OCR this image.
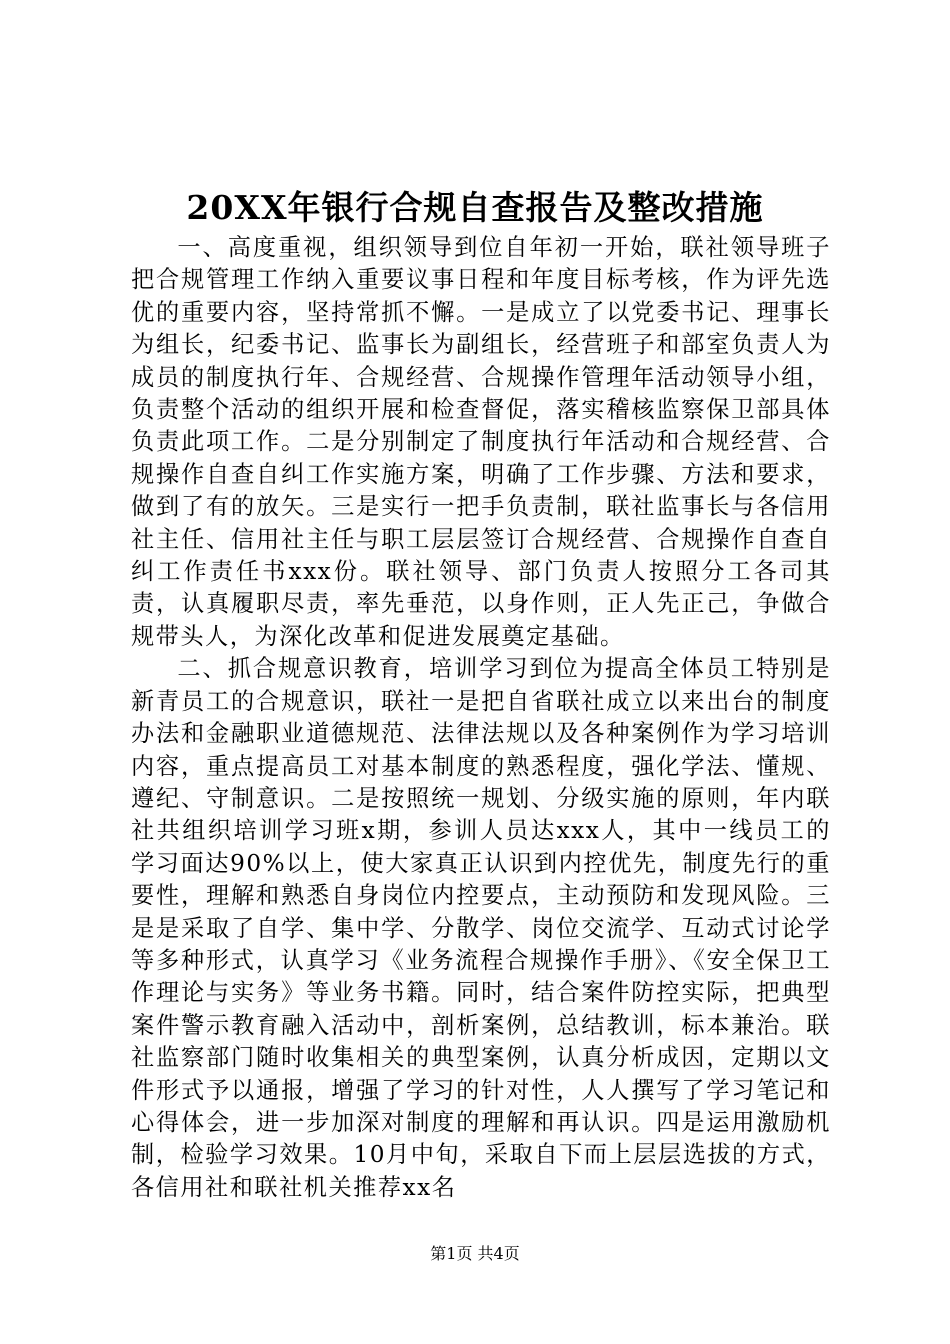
20XX年银行合规自查报告及整改措施

一、高度重视，组织领导到位自年初一开始，联社领导班子把合规管理工作纳入重要议事日程和年度目标考核，作为评先选优的重要内容，坚持常抓不懈。一是成立了以党委书记、理事长为组长，纪委书记、监事长为副组长，经营班子和部室负责人为成员的制度执行年、合规经营、合规操作管理年活动领导小组，负责整个活动的组织开展和检查督促，落实稽核监察保卫部具体负责此项工作。二是分别制定了制度执行年活动和合规经营、合规操作自查自纠工作实施方案，明确了工作步骤、方法和要求，做到了有的放矢。三是实行一把手负责制，联社监事长与各信用社主任、信用社主任与职工层层签订合规经营、合规操作自查自纠工作责任书xxx份。联社领导、部门负责人按照分工各司其责，认真履职尽责，率先垂范，以身作则，正人先正己，争做合规带头人，为深化改革和促进发展奠定基础。

二、抓合规意识教育，培训学习到位为提高全体员工特别是新青员工的合规意识，联社一是把自省联社成立以来出台的制度办法和金融职业道德规范、法律法规以及各种案例作为学习培训内容，重点提高员工对基本制度的熟悉程度，强化学法、懂规、遵纪、守制意识。二是按照统一规划、分级实施的原则，年内联社共组织培训学习班x期，参训人员达xxx人，其中一线员工的学习面达90%以上，使大家真正认识到内控优先，制度先行的重要性，理解和熟悉自身岗位内控要点，主动预防和发现风险。三是是采取了自学、集中学、分散学、岗位交流学、互动式讨论学等多种形式，认真学习《业务流程合规操作手册》、《安全保卫工作理论与实务》等业务书籍。同时，结合案件防控实际，把典型案件警示教育融入活动中，剖析案例，总结教训，标本兼治。联社监察部门随时收集相关的典型案例，认真分析成因，定期以文件形式予以通报，增强了学习的针对性，人人撰写了学习笔记和心得体会，进一步加深对制度的理解和再认识。四是运用激励机制，检验学习效果。10月中旬，采取自下而上层层选拔的方式，各信用社和联社机关推荐xx名

第1页 共4页
